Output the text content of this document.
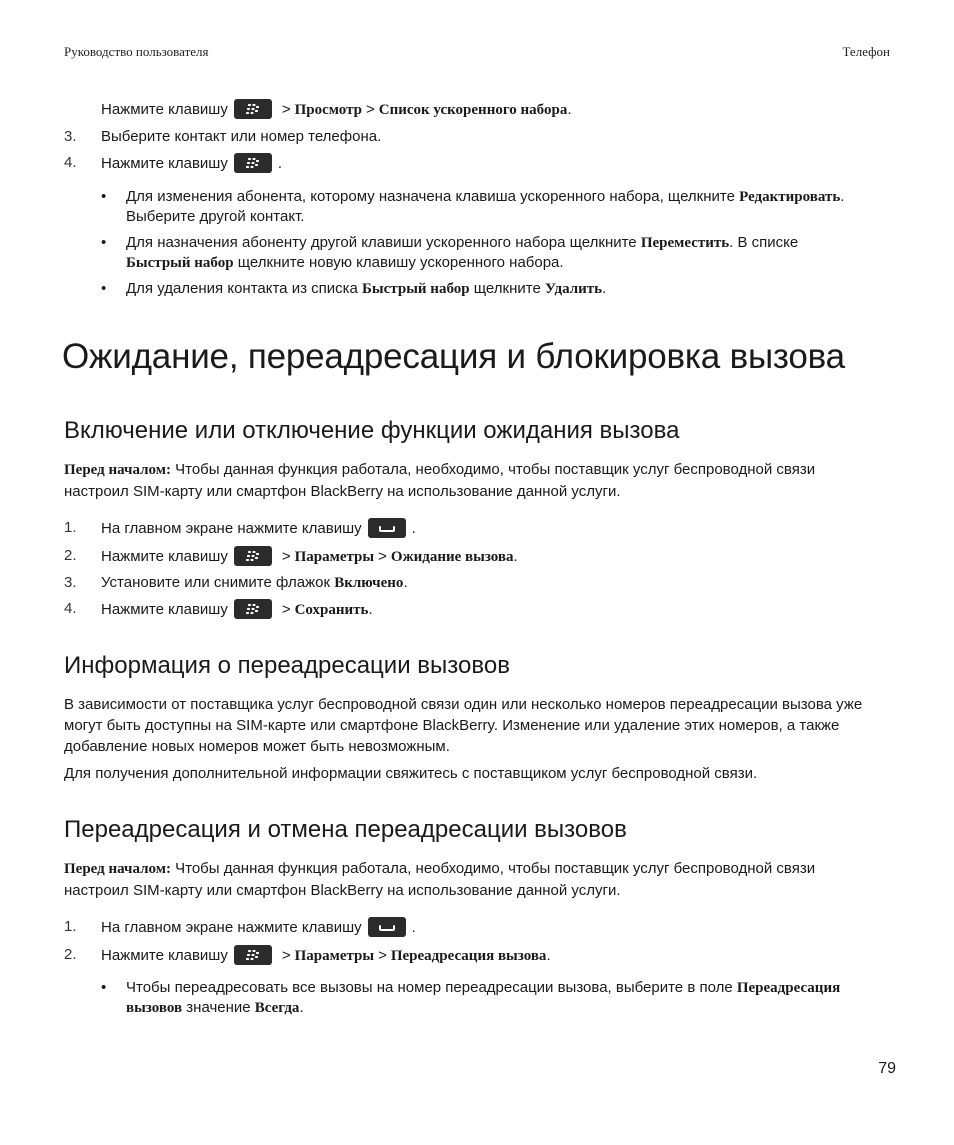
Руководство пользователя	Телефон
Нажмите клавишу	> Просмотр > Список ускоренного набора.
3. Выберите контакт или номер телефона.
4. Нажмите клавишу	.
• Для изменения абонента, которому назначена клавиша ускоренного набора, щелкните Редактировать.
Выберите другой контакт.
• Для назначения абоненту другой клавиши ускоренного набора щелкните Переместить. В списке
Быстрый набор щелкните новую клавишу ускоренного набора.
• Для удаления контакта из списка Быстрый набор щелкните Удалить.
Ожидание, переадресация и блокировка вызова
Включение или отключение функции ожидания вызова
Перед началом: Чтобы данная функция работала, необходимо, чтобы поставщик услуг беспроводной связи
настроил SIM-карту или смартфон BlackBerry на использование данной услуги.
1. На главном экране нажмите клавишу	.
2. Нажмите клавишу	> Параметры > Ожидание вызова.
3. Установите или снимите флажок Включено.
4. Нажмите клавишу	> Сохранить.
Информация о переадресации вызовов
В зависимости от поставщика услуг беспроводной связи один или несколько номеров переадресации вызова уже могут быть доступны на SIM-карте или смартфоне BlackBerry. Изменение или удаление этих номеров, а также добавление новых номеров может быть невозможным.
Для получения дополнительной информации свяжитесь с поставщиком услуг беспроводной связи.
Переадресация и отмена переадресации вызовов
Перед началом: Чтобы данная функция работала, необходимо, чтобы поставщик услуг беспроводной связи
настроил SIM-карту или смартфон BlackBerry на использование данной услуги.
1. На главном экране нажмите клавишу	.
2. Нажмите клавишу	> Параметры > Переадресация вызова.
• Чтобы переадресовать все вызовы на номер переадресации вызова, выберите в поле Переадресация
вызовов значение Всегда.
79
